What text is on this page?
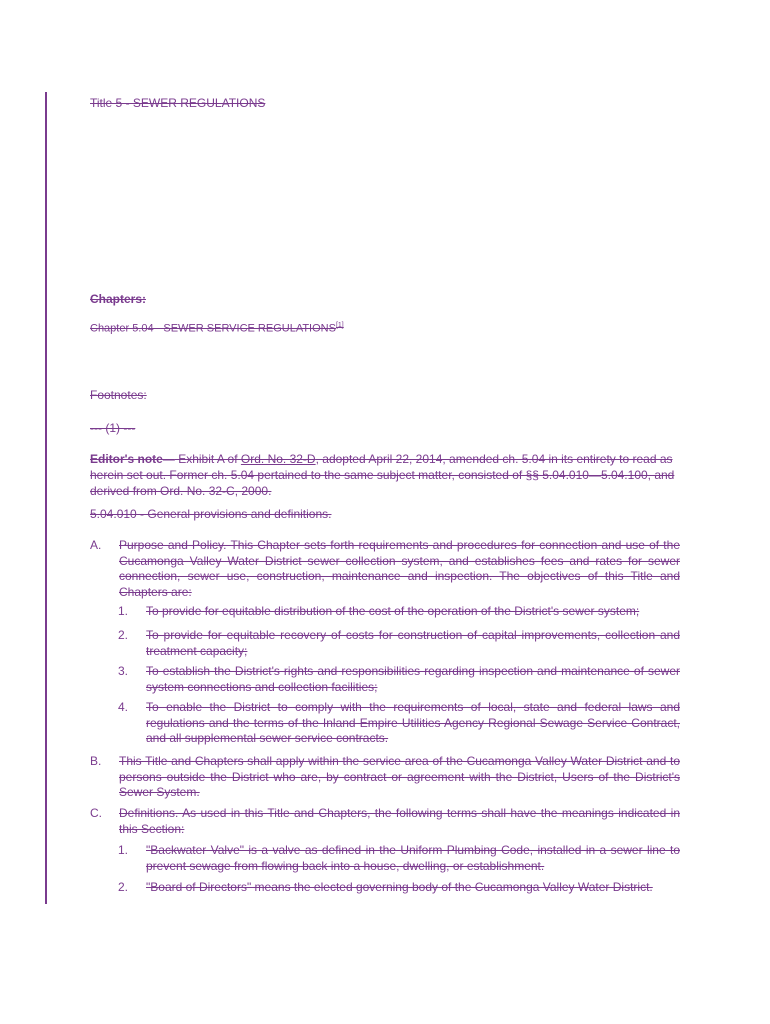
Title 5 - SEWER REGULATIONS
Chapters:
Chapter 5.04 - SEWER SERVICE REGULATIONS[1]
Footnotes:
--- (1) ---
Editor's note— Exhibit A of Ord. No. 32-D, adopted April 22, 2014, amended ch. 5.04 in its entirety to read as herein set out. Former ch. 5.04 pertained to the same subject matter, consisted of §§ 5.04.010—5.04.100, and derived from Ord. No. 32-C, 2000.
5.04.010 - General provisions and definitions.
A.	Purpose and Policy. This Chapter sets forth requirements and procedures for connection and use of the Cucamonga Valley Water District sewer collection system, and establishes fees and rates for sewer connection, sewer use, construction, maintenance and inspection. The objectives of this Title and Chapters are:
1.	To provide for equitable distribution of the cost of the operation of the District's sewer system;
2.	To provide for equitable recovery of costs for construction of capital improvements, collection and treatment capacity;
3.	To establish the District's rights and responsibilities regarding inspection and maintenance of sewer system connections and collection facilities;
4.	To enable the District to comply with the requirements of local, state and federal laws and regulations and the terms of the Inland Empire Utilities Agency Regional Sewage Service Contract, and all supplemental sewer service contracts.
B.	This Title and Chapters shall apply within the service area of the Cucamonga Valley Water District and to persons outside the District who are, by contract or agreement with the District, Users of the District's Sewer System.
C.	Definitions. As used in this Title and Chapters, the following terms shall have the meanings indicated in this Section:
1.	"Backwater Valve" is a valve as defined in the Uniform Plumbing Code, installed in a sewer line to prevent sewage from flowing back into a house, dwelling, or establishment.
2.	"Board of Directors" means the elected governing body of the Cucamonga Valley Water District.
